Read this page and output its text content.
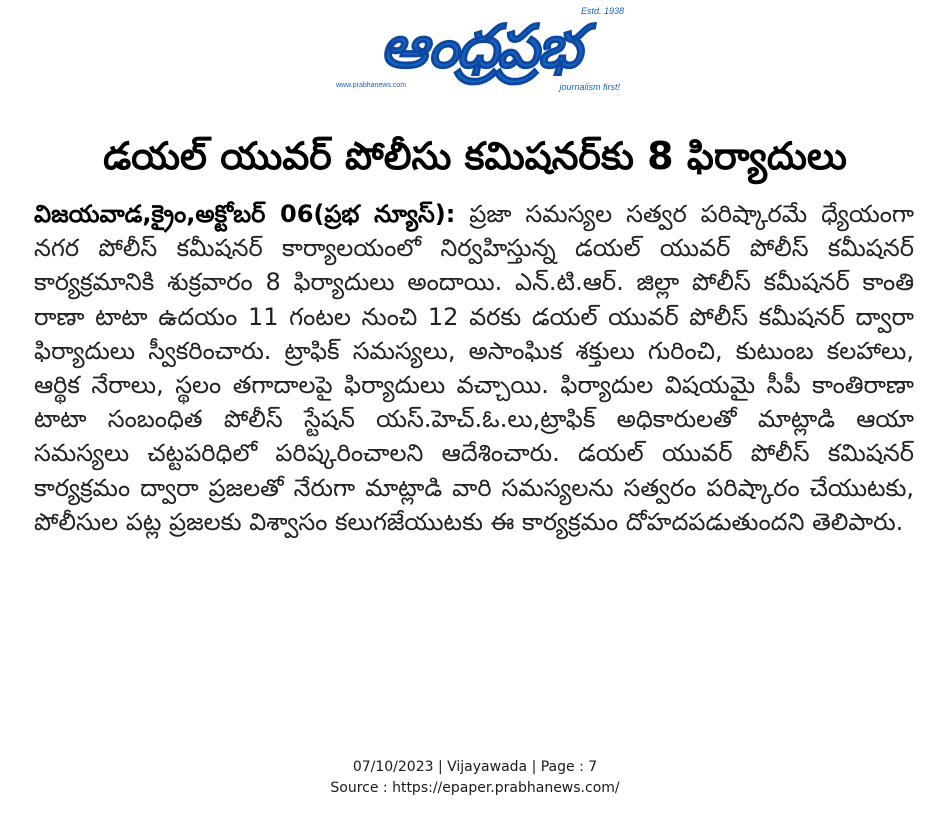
ఆంధ్రప్రభ
Estd. 1938
www.prabhanews.com	journalism first!
డయల్ యువర్ పోలీసు కమిషనర్‌కు 8 ఫిర్యాదులు

విజయవాడ,క్రైం,అక్టోబర్ 06(ప్రభ న్యూస్): ప్రజా సమస్యల సత్వర పరిష్కారమే ధ్యేయంగా నగర పోలీస్ కమీషనర్ కార్యాలయంలో నిర్వహిస్తున్న డయల్ యువర్ పోలీస్ కమీషనర్ కార్యక్రమానికి శుక్రవారం 8 ఫిర్యాదులు అందాయి. ఎన్.టి.ఆర్. జిల్లా పోలీస్ కమీషనర్ కాంతి రాణా టాటా ఉదయం 11 గంటల నుంచి 12 వరకు డయల్ యువర్ పోలీస్ కమీషనర్ ద్వారా ఫిర్యాదులు స్వీకరించారు. ట్రాఫిక్ సమస్యలు, అసాంఘిక శక్తులు గురించి, కుటుంబ కలహాలు, ఆర్థిక నేరాలు, స్థలం తగాదాలపై ఫిర్యాదులు వచ్చాయి. ఫిర్యాదుల విషయమై సీపీ కాంతిరాణా టాటా సంబంధిత పోలీస్ స్టేషన్ యస్.హెచ్.ఓ.లు,ట్రాఫిక్ అధికారులతో మాట్లాడి ఆయా సమస్యలు చట్టపరిధిలో పరిష్కరించాలని ఆదేశించారు. డయల్ యువర్ పోలీస్ కమిషనర్ కార్యక్రమం ద్వారా ప్రజలతో నేరుగా మాట్లాడి వారి సమస్యలను సత్వరం పరిష్కారం చేయుటకు, పోలీసుల పట్ల ప్రజలకు విశ్వాసం కలుగజేయుటకు ఈ కార్యక్రమం దోహదపడుతుందని తెలిపారు.

07/10/2023 | Vijayawada | Page : 7
Source : https://epaper.prabhanews.com/
